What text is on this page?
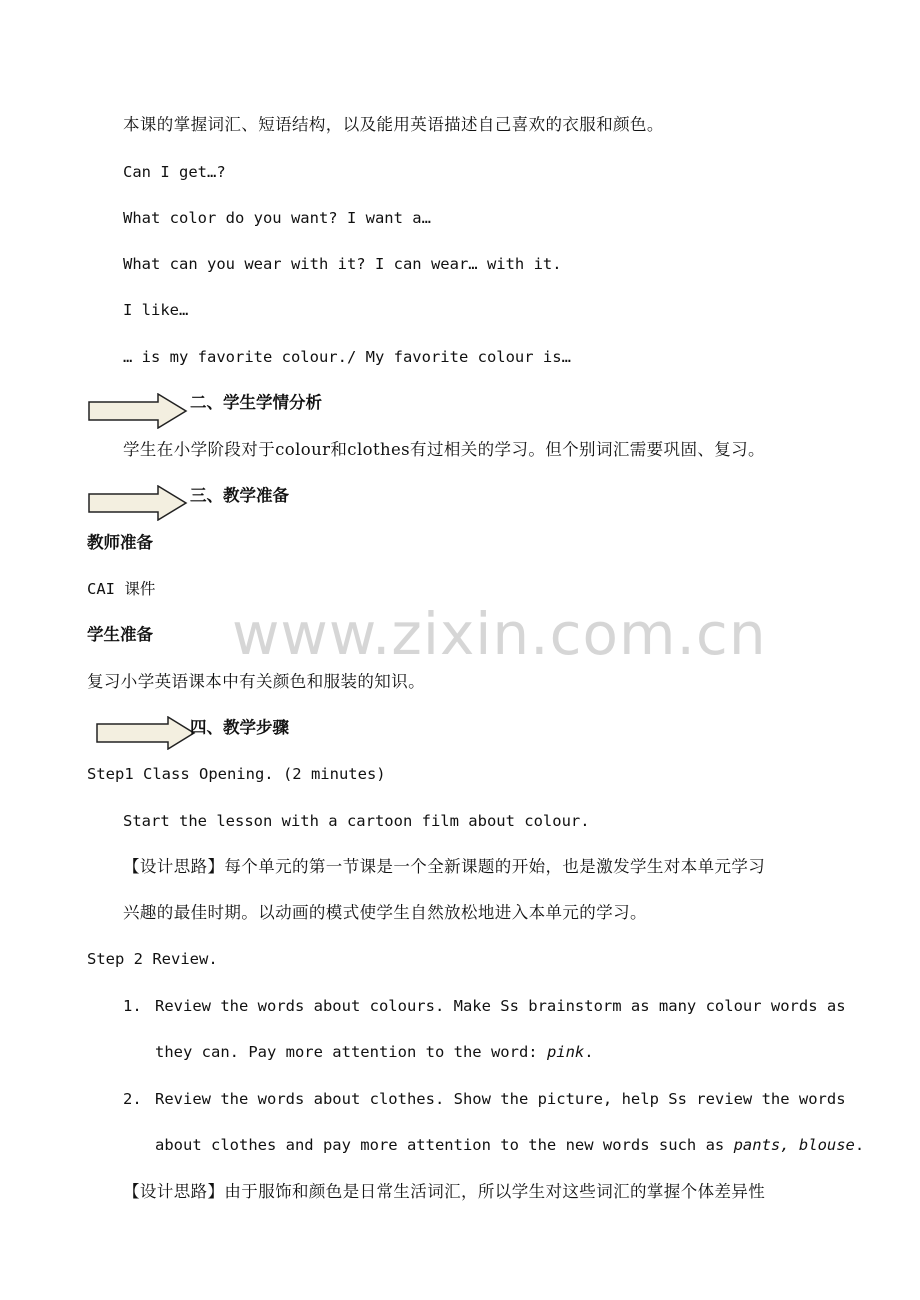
www.zixin.com.cn
本课的掌握词汇、短语结构，以及能用英语描述自己喜欢的衣服和颜色。
Can I get…?
What color do you want? I want a…
What can you wear with it? I can wear… with it.
I like…
… is my favorite colour./ My favorite colour is…
二、学生学情分析
学生在小学阶段对于colour和clothes有过相关的学习。但个别词汇需要巩固、复习。
三、教学准备
教师准备
CAI 课件
学生准备
复习小学英语课本中有关颜色和服装的知识。
四、教学步骤
Step1 Class Opening. (2 minutes)
Start the lesson with a cartoon film about colour.
【设计思路】每个单元的第一节课是一个全新课题的开始，也是激发学生对本单元学习
兴趣的最佳时期。以动画的模式使学生自然放松地进入本单元的学习。
Step 2 Review.
1. Review the words about colours. Make Ss brainstorm as many colour words as
they can. Pay more attention to the word: pink.
2. Review the words about clothes. Show the picture, help Ss review the words
about clothes and pay more attention to the new words such as pants, blouse.
【设计思路】由于服饰和颜色是日常生活词汇，所以学生对这些词汇的掌握个体差异性
